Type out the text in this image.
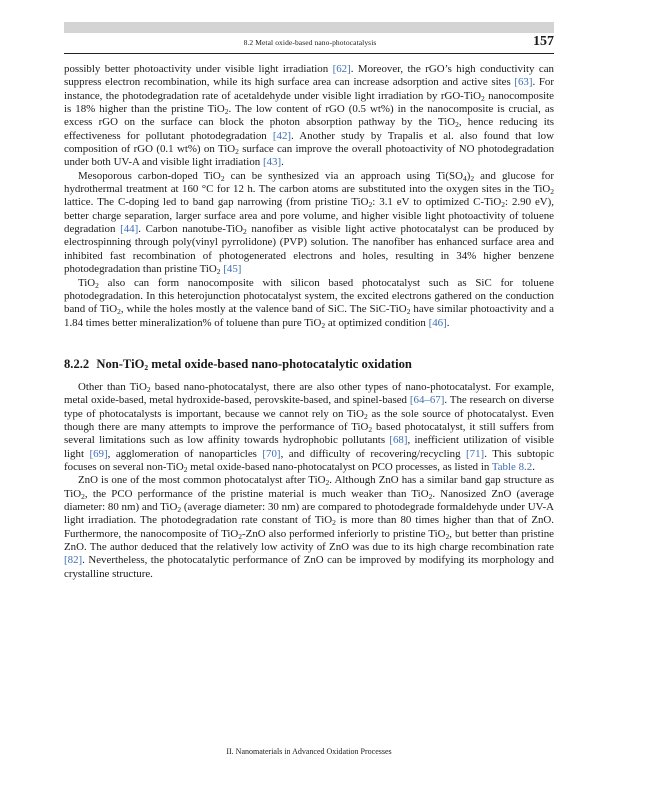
8.2 Metal oxide-based nano-photocatalysis	157

possibly better photoactivity under visible light irradiation [62]. Moreover, the rGO’s high conductivity can suppress electron recombination, while its high surface area can increase adsorption and active sites [63]. For instance, the photodegradation rate of acetaldehyde under visible light irradiation by rGO-TiO$_2$ nanocomposite is 18% higher than the pristine TiO$_2$. The low content of rGO (0.5 wt%) in the nanocomposite is crucial, as excess rGO on the surface can block the photon absorption pathway by the TiO$_2$, hence reducing its effectiveness for pollutant photodegradation [42]. Another study by Trapalis et al. also found that low composition of rGO (0.1 wt%) on TiO$_2$ surface can improve the overall photoactivity of NO photodegradation under both UV-A and visible light irradiation [43].

Mesoporous carbon-doped TiO$_2$ can be synthesized via an approach using $Ti(SO_4)_2$ and glucose for hydrothermal treatment at 160 °C for 12 h. The carbon atoms are substituted into the oxygen sites in the TiO$_2$ lattice. The C-doping led to band gap narrowing (from pristine TiO$_2$: 3.1 eV to optimized C-TiO$_2$: 2.90 eV), better charge separation, larger surface area and pore volume, and higher visible light photoactivity of toluene degradation [44]. Carbon nanotube-TiO$_2$ nanofiber as visible light active photocatalyst can be produced by electrospinning through poly(vinyl pyrrolidone) (PVP) solution. The nanofiber has enhanced surface area and inhibited fast recombination of photogenerated electrons and holes, resulting in 34% higher benzene photodegradation than pristine TiO$_2$ [45]

TiO$_2$ also can form nanocomposite with silicon based photocatalyst such as SiC for toluene photodegradation. In this heterojunction photocatalyst system, the excited electrons gathered on the conduction band of TiO$_2$, while the holes mostly at the valence band of SiC. The SiC-TiO$_2$ have similar photoactivity and a 1.84 times better mineralization% of toluene than pure TiO$_2$ at optimized condition [46].

8.2.2 Non-TiO$_2$ metal oxide-based nano-photocatalytic oxidation

Other than TiO$_2$ based nano-photocatalyst, there are also other types of nano-photocatalyst. For example, metal oxide-based, metal hydroxide-based, perovskite-based, and spinel-based [64–67]. The research on diverse type of photocatalysts is important, because we cannot rely on TiO$_2$ as the sole source of photocatalyst. Even though there are many attempts to improve the performance of TiO$_2$ based photocatalyst, it still suffers from several limitations such as low affinity towards hydrophobic pollutants [68], inefficient utilization of visible light [69], agglomeration of nanoparticles [70], and difficulty of recovering/recycling [71]. This subtopic focuses on several non-TiO$_2$ metal oxide-based nano-photocatalyst on PCO processes, as listed in Table 8.2.

ZnO is one of the most common photocatalyst after TiO$_2$. Although ZnO has a similar band gap structure as TiO$_2$, the PCO performance of the pristine material is much weaker than TiO$_2$. Nanosized ZnO (average diameter: 80 nm) and TiO$_2$ (average diameter: 30 nm) are compared to photodegrade formaldehyde under UV-A light irradiation. The photodegradation rate constant of TiO$_2$ is more than 80 times higher than that of ZnO. Furthermore, the nanocomposite of TiO$_2$-ZnO also performed inferiorly to pristine TiO$_2$, but better than pristine ZnO. The author deduced that the relatively low activity of ZnO was due to its high charge recombination rate [82]. Nevertheless, the photocatalytic performance of ZnO can be improved by modifying its morphology and crystalline structure.

II. Nanomaterials in Advanced Oxidation Processes
